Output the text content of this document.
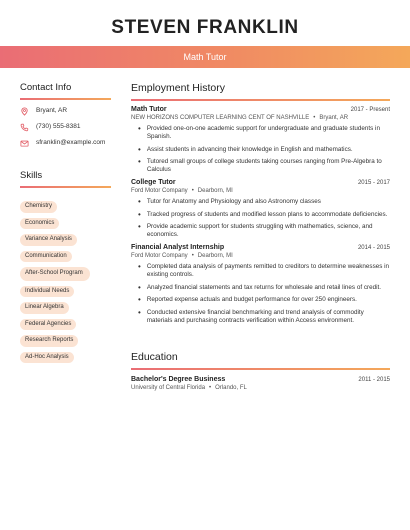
STEVEN FRANKLIN
Math Tutor
Contact Info
Bryant, AR
(730) 555-8381
sfranklin@example.com
Skills
Chemistry
Economics
Variance Analysis
Communication
After-School Program
Individual Needs
Linear Algebra
Federal Agencies
Research Reports
Ad-Hoc Analysis
Employment History
Math Tutor	2017 - Present
NEW HORIZONS COMPUTER LEARNING CENT OF NASHVILLE • Bryant, AR
• Provided one-on-one academic support for undergraduate and graduate students in Spanish.
• Assist students in advancing their knowledge in English and mathematics.
• Tutored small groups of college students taking courses ranging from Pre-Algebra to Calculus
College Tutor	2015 - 2017
Ford Motor Company • Dearborn, MI
• Tutor for Anatomy and Physiology and also Astronomy classes
• Tracked progress of students and modified lesson plans to accommodate deficiencies.
• Provide academic support for students struggling with mathematics, science, and economics.
Financial Analyst Internship	2014 - 2015
Ford Motor Company • Dearborn, MI
• Completed data analysis of payments remitted to creditors to determine weaknesses in existing controls.
• Analyzed financial statements and tax returns for wholesale and retail lines of credit.
• Reported expense actuals and budget performance for over 250 engineers.
• Conducted extensive financial benchmarking and trend analysis of commodity materials and purchasing contracts verification within Access environment.
Education
Bachelor's Degree Business	2011 - 2015
University of Central Florida • Orlando, FL
